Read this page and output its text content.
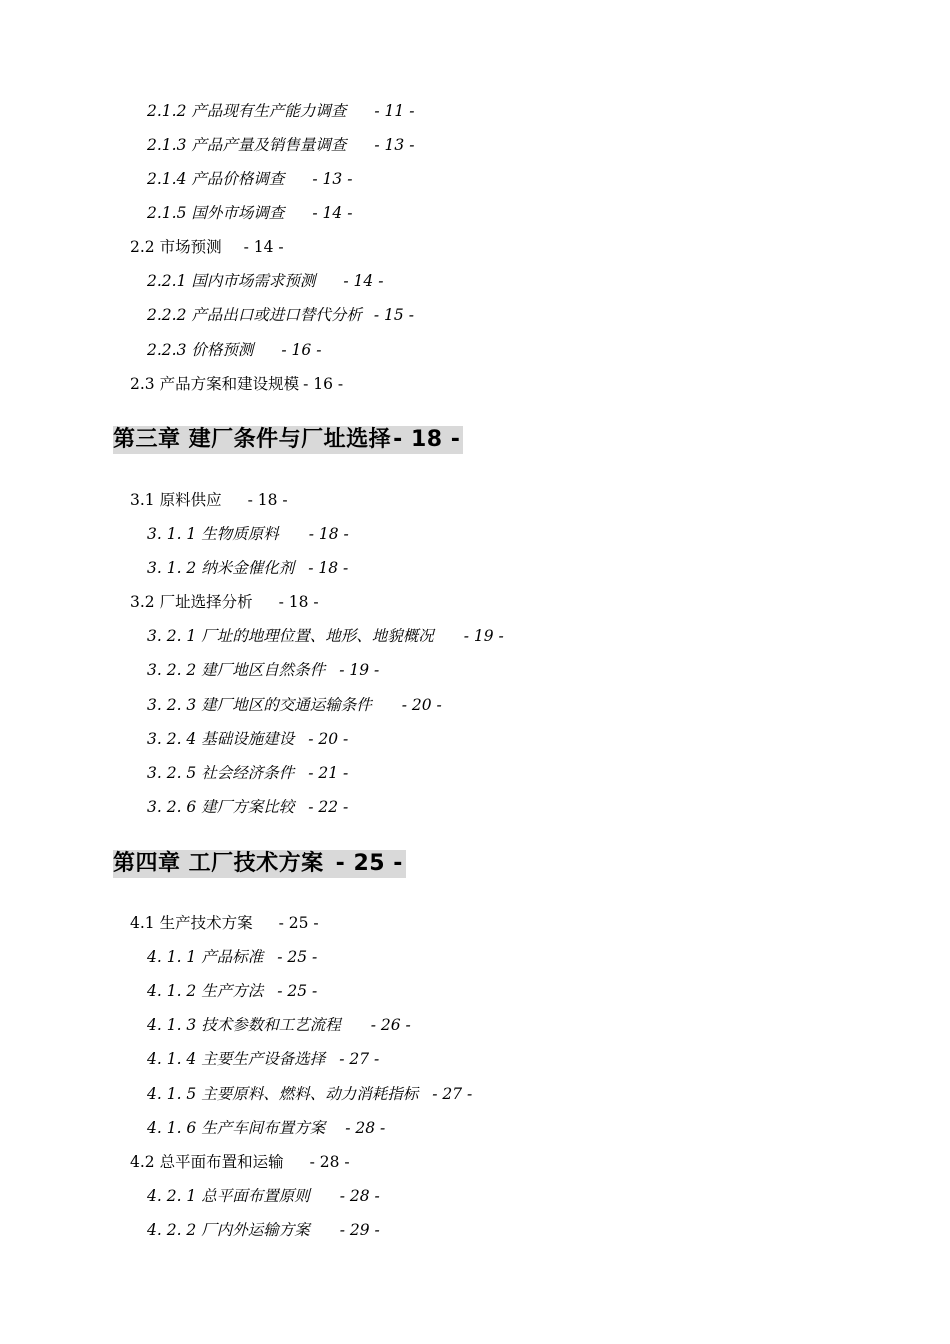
2.1.2 产品现有生产能力调查 - 11 -
2.1.3 产品产量及销售量调查 - 13 -
2.1.4 产品价格调查 - 13 -
2.1.5 国外市场调查 - 14 -
2.2 市场预测 - 14 -
2.2.1 国内市场需求预测 - 14 -
2.2.2 产品出口或进口替代分析 - 15 -
2.2.3 价格预测 - 16 -
2.3 产品方案和建设规模 - 16 -
第三章 建厂条件与厂址选择- 18 -
3.1 原料供应 - 18 -
3. 1. 1 生物质原料 - 18 -
3. 1. 2 纳米金催化剂 - 18 -
3.2 厂址选择分析 - 18 -
3. 2. 1 厂址的地理位置、地形、地貌概况 - 19 -
3. 2. 2 建厂地区自然条件 - 19 -
3. 2. 3 建厂地区的交通运输条件 - 20 -
3. 2. 4 基础设施建设 - 20 -
3. 2. 5 社会经济条件 - 21 -
3. 2. 6 建厂方案比较 - 22 -
第四章 工厂技术方案 - 25 -
4.1 生产技术方案 - 25 -
4. 1. 1 产品标准 - 25 -
4. 1. 2 生产方法 - 25 -
4. 1. 3 技术参数和工艺流程 - 26 -
4. 1. 4 主要生产设备选择 - 27 -
4. 1. 5 主要原料、燃料、动力消耗指标 - 27 -
4. 1. 6 生产车间布置方案 - 28 -
4.2 总平面布置和运输 - 28 -
4. 2. 1 总平面布置原则 - 28 -
4. 2. 2 厂内外运输方案 - 29 -
